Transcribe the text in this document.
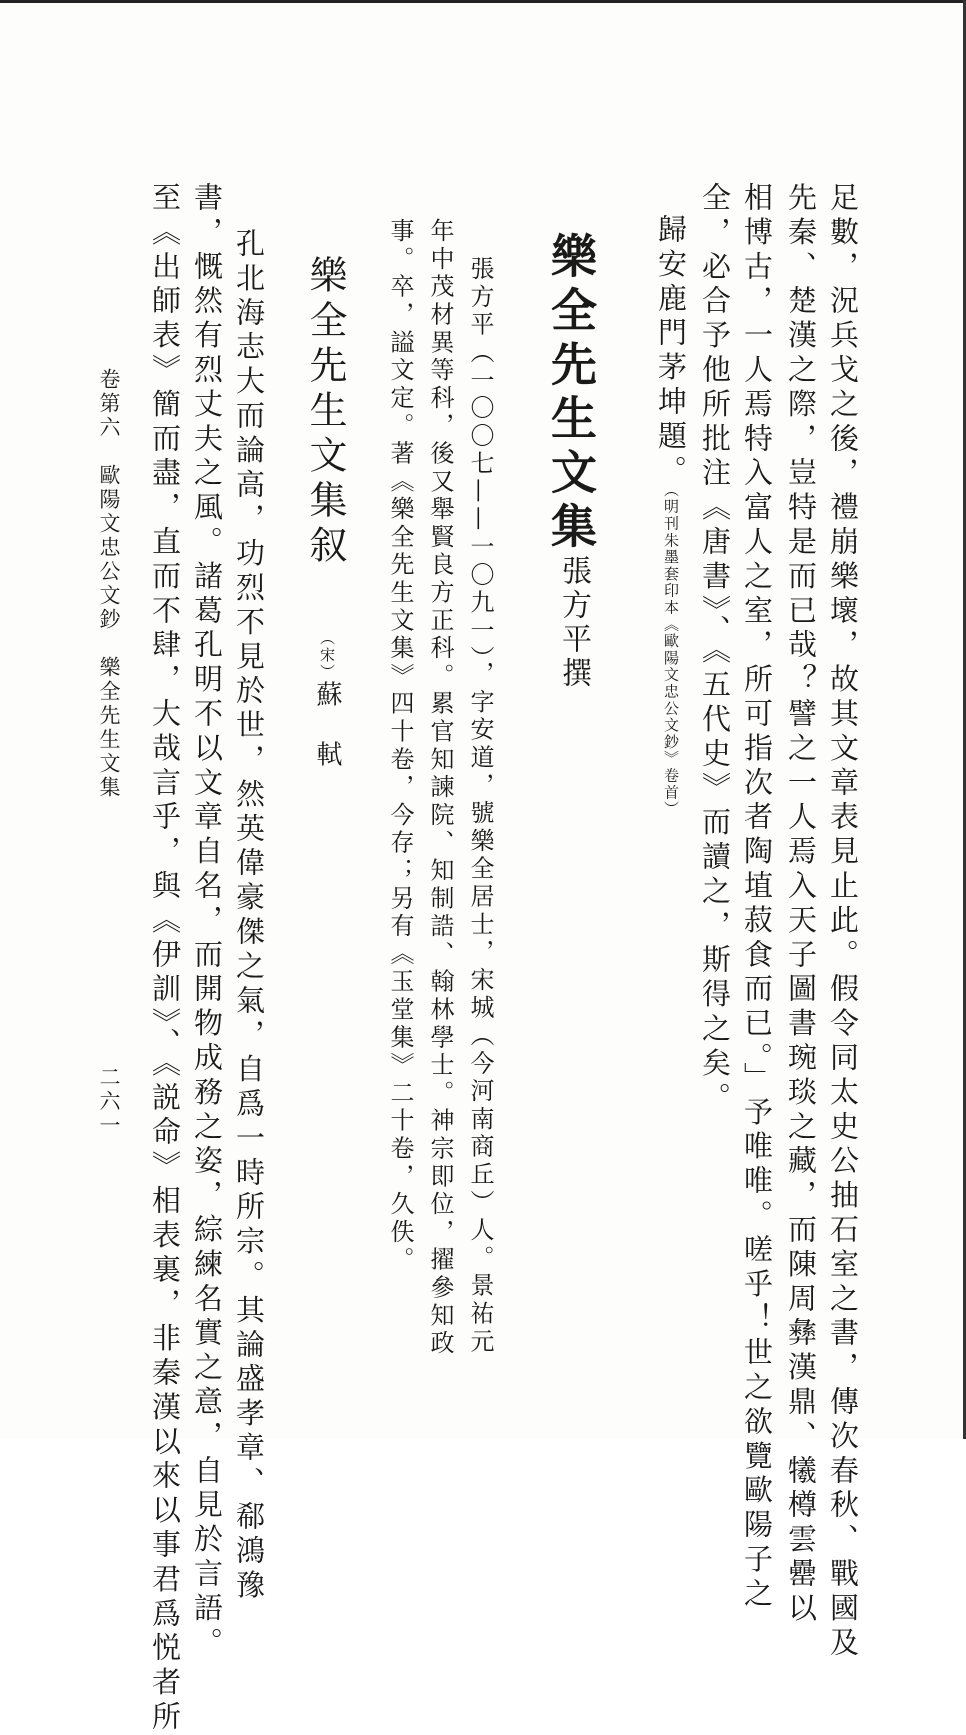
足數，況兵戈之後，禮崩樂壞，故其文章表見止此。假令同太史公抽石室之書，傳次春秋、戰國及
先秦、楚漢之際，豈特是而已哉？譬之一人焉入天子圖書琬琰之藏，而陳周彝漢鼎、犧樽雲罍以
相博古，一人焉特入富人之室，所可指次者陶埴菽食而已。」予唯唯。嗟乎！世之欲覽歐陽子之
全，必合予他所批注《唐書》、《五代史》而讀之，斯得之矣。
歸安鹿門茅坤題。（明刊朱墨套印本《歐陽文忠公文鈔》卷首）
樂全先生文集
張方平撰
張方平（一〇〇七——一〇九一），字安道，號樂全居士，宋城（今河南商丘）人。景祐元
年中茂材異等科，後又舉賢良方正科。累官知諫院、知制誥、翰林學士。神宗即位，擢參知政
事。卒，謚文定。著《樂全先生文集》四十卷，今存；另有《玉堂集》二十卷，久佚。
樂全先生文集叙
（宋）蘇　軾
孔北海志大而論高，功烈不見於世，然英偉豪傑之氣，自爲一時所宗。其論盛孝章、郗鴻豫
書，慨然有烈丈夫之風。諸葛孔明不以文章自名，而開物成務之姿，綜練名實之意，自見於言語。
至《出師表》簡而盡，直而不肆，大哉言乎，與《伊訓》、《説命》相表裏，非秦漢以來以事君爲悦者所
卷第六　歐陽文忠公文鈔　樂全先生文集
二六一
